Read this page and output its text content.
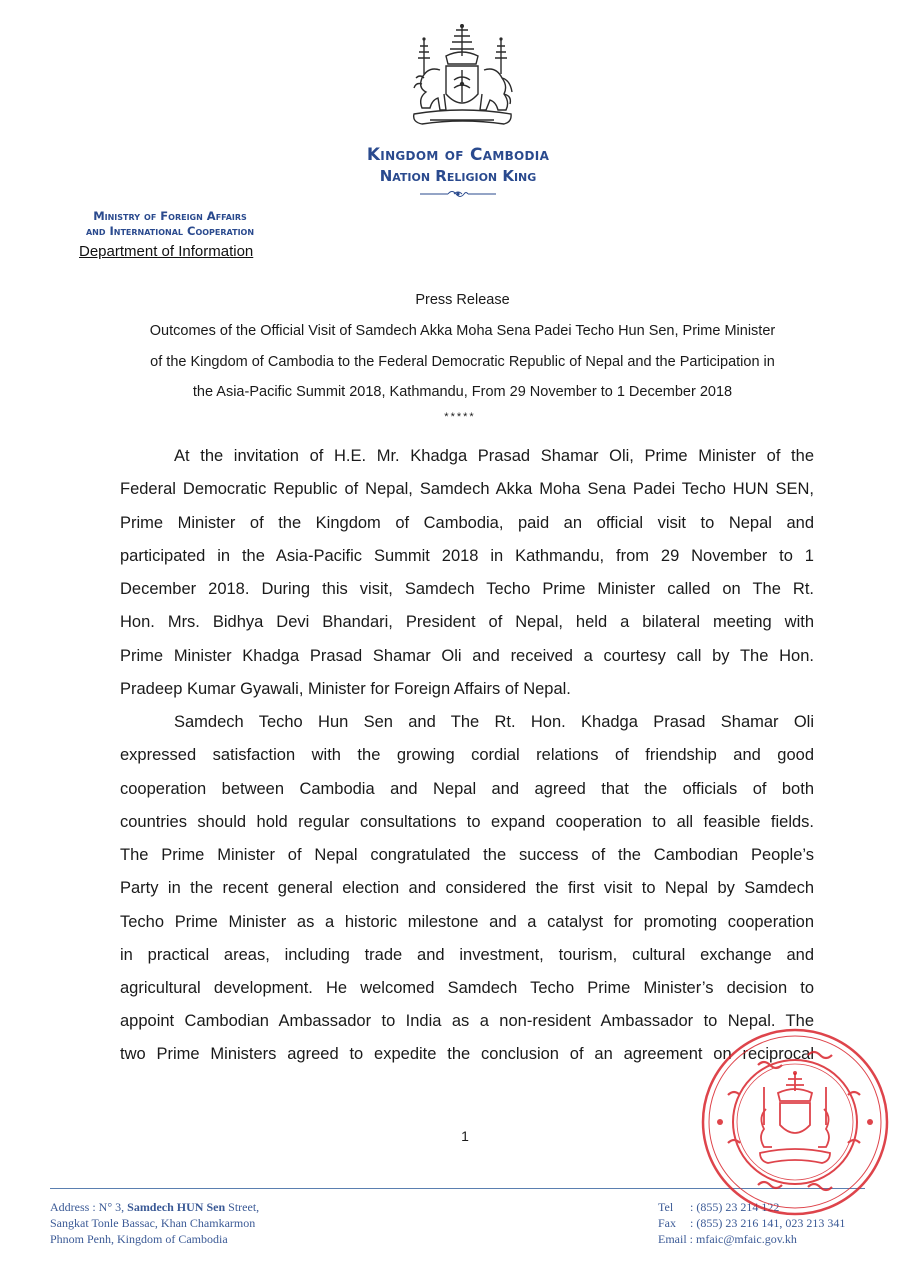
Kingdom of Cambodia
Nation Religion King
Ministry of Foreign Affairs
and International Cooperation
Department of Information
Press Release
Outcomes of the Official Visit of Samdech Akka Moha Sena Padei Techo Hun Sen, Prime Minister
of the Kingdom of Cambodia to the Federal Democratic Republic of Nepal and the Participation in
the Asia-Pacific Summit 2018, Kathmandu, From 29 November to 1 December 2018
*****
At the invitation of H.E. Mr. Khadga Prasad Shamar Oli, Prime Minister of the
Federal Democratic Republic of Nepal, Samdech Akka Moha Sena Padei Techo HUN SEN,
Prime Minister of the Kingdom of Cambodia, paid an official visit to Nepal and
participated in the Asia-Pacific Summit 2018 in Kathmandu, from 29 November to 1
December 2018. During this visit, Samdech Techo Prime Minister called on The Rt.
Hon. Mrs. Bidhya Devi Bhandari, President of Nepal, held a bilateral meeting with
Prime Minister Khadga Prasad Shamar Oli and received a courtesy call by The Hon.
Pradeep Kumar Gyawali, Minister for Foreign Affairs of Nepal.
Samdech Techo Hun Sen and The Rt. Hon. Khadga Prasad Shamar Oli
expressed satisfaction with the growing cordial relations of friendship and good
cooperation between Cambodia and Nepal and agreed that the officials of both
countries should hold regular consultations to expand cooperation to all feasible fields.
The Prime Minister of Nepal congratulated the success of the Cambodian People’s
Party in the recent general election and considered the first visit to Nepal by Samdech
Techo Prime Minister as a historic milestone and a catalyst for promoting cooperation
in practical areas, including trade and investment, tourism, cultural exchange and
agricultural development. He welcomed Samdech Techo Prime Minister’s decision to
appoint Cambodian Ambassador to India as a non-resident Ambassador to Nepal. The
two Prime Ministers agreed to expedite the conclusion of an agreement on reciprocal
1
Address : N° 3, Samdech HUN Sen Street,
Sangkat Tonle Bassac, Khan Chamkarmon
Phnom Penh, Kingdom of Cambodia
Tel : (855) 23 214 122
Fax : (855) 23 216 141, 023 213 341
Email : mfaic@mfaic.gov.kh
